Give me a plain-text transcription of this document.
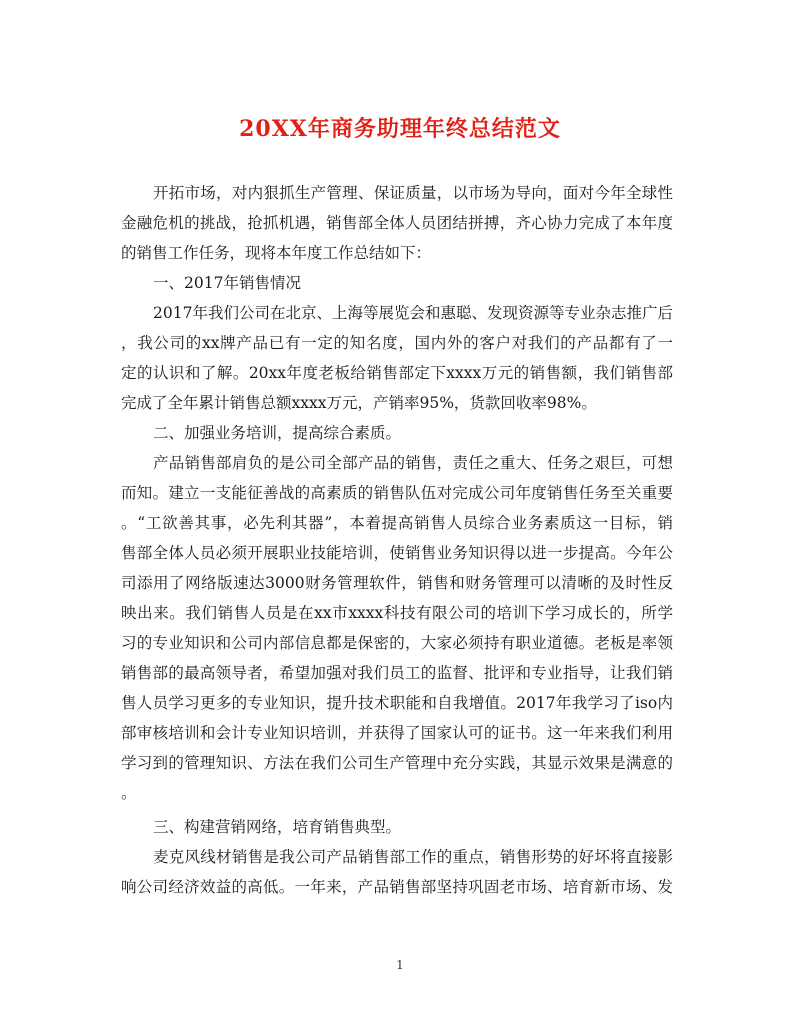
20XX年商务助理年终总结范文
开拓市场，对内狠抓生产管理、保证质量，以市场为导向，面对今年全球性
金融危机的挑战，抢抓机遇，销售部全体人员团结拼搏，齐心协力完成了本年度
的销售工作任务，现将本年度工作总结如下：
一、2017年销售情况
2017年我们公司在北京、上海等展览会和惠聪、发现资源等专业杂志推广后
，我公司的xx牌产品已有一定的知名度，国内外的客户对我们的产品都有了一
定的认识和了解。20xx年度老板给销售部定下xxxx万元的销售额，我们销售部
完成了全年累计销售总额xxxx万元，产销率95%，货款回收率98%。
二、加强业务培训，提高综合素质。
产品销售部肩负的是公司全部产品的销售，责任之重大、任务之艰巨，可想
而知。建立一支能征善战的高素质的销售队伍对完成公司年度销售任务至关重要
。“工欲善其事，必先利其器”，本着提高销售人员综合业务素质这一目标，销
售部全体人员必须开展职业技能培训，使销售业务知识得以进一步提高。今年公
司添用了网络版速达3000财务管理软件，销售和财务管理可以清晰的及时性反
映出来。我们销售人员是在xx市xxxx科技有限公司的培训下学习成长的，所学
习的专业知识和公司内部信息都是保密的，大家必须持有职业道德。老板是率领
销售部的最高领导者，希望加强对我们员工的监督、批评和专业指导，让我们销
售人员学习更多的专业知识，提升技术职能和自我增值。2017年我学习了iso内
部审核培训和会计专业知识培训，并获得了国家认可的证书。这一年来我们利用
学习到的管理知识、方法在我们公司生产管理中充分实践，其显示效果是满意的
。
三、构建营销网络，培育销售典型。
麦克风线材销售是我公司产品销售部工作的重点，销售形势的好坏将直接影
响公司经济效益的高低。一年来，产品销售部坚持巩固老市场、培育新市场、发
1
